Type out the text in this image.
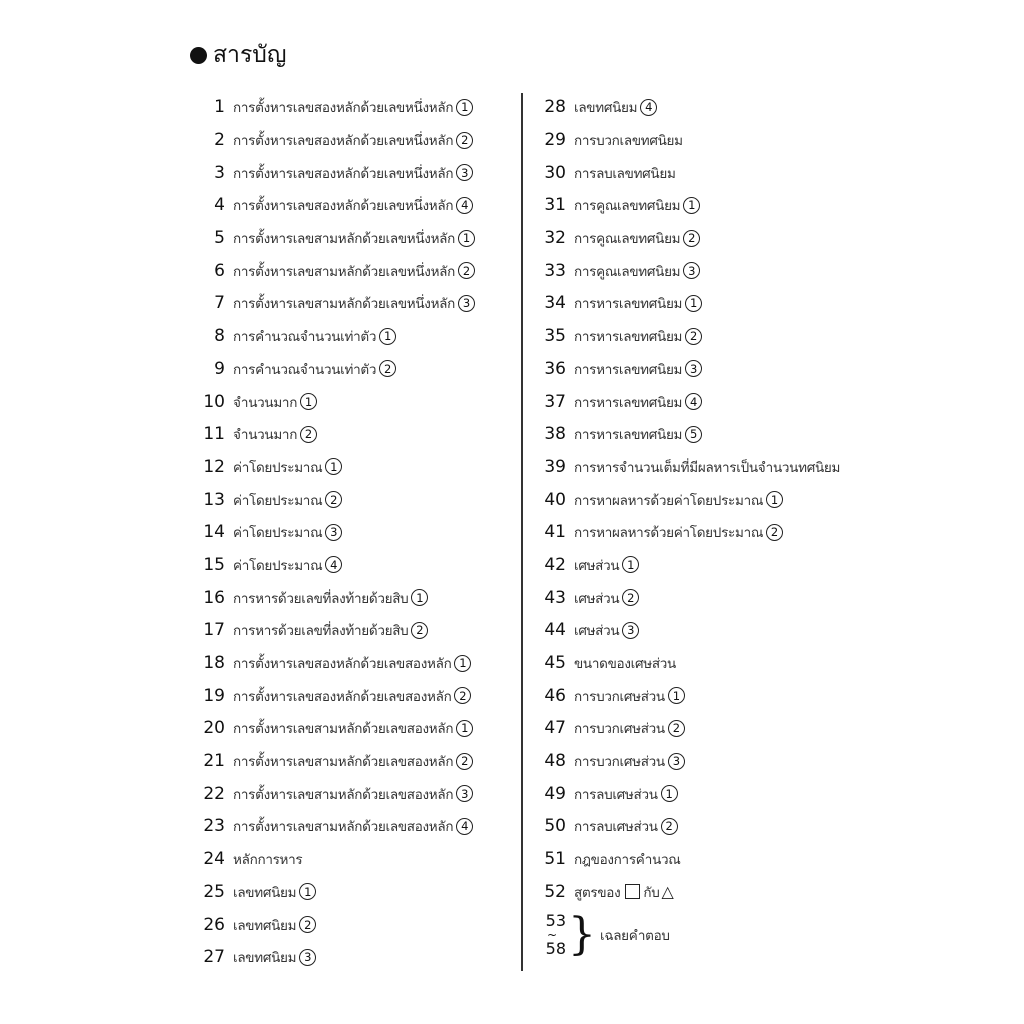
สารบัญ
1 การตั้งหารเลขสองหลักด้วยเลขหนึ่งหลัก 1
2 การตั้งหารเลขสองหลักด้วยเลขหนึ่งหลัก 2
3 การตั้งหารเลขสองหลักด้วยเลขหนึ่งหลัก 3
4 การตั้งหารเลขสองหลักด้วยเลขหนึ่งหลัก 4
5 การตั้งหารเลขสามหลักด้วยเลขหนึ่งหลัก 1
6 การตั้งหารเลขสามหลักด้วยเลขหนึ่งหลัก 2
7 การตั้งหารเลขสามหลักด้วยเลขหนึ่งหลัก 3
8 การคำนวณจำนวนเท่าตัว 1
9 การคำนวณจำนวนเท่าตัว 2
10 จำนวนมาก 1
11 จำนวนมาก 2
12 ค่าโดยประมาณ 1
13 ค่าโดยประมาณ 2
14 ค่าโดยประมาณ 3
15 ค่าโดยประมาณ 4
16 การหารด้วยเลขที่ลงท้ายด้วยสิบ 1
17 การหารด้วยเลขที่ลงท้ายด้วยสิบ 2
18 การตั้งหารเลขสองหลักด้วยเลขสองหลัก 1
19 การตั้งหารเลขสองหลักด้วยเลขสองหลัก 2
20 การตั้งหารเลขสามหลักด้วยเลขสองหลัก 1
21 การตั้งหารเลขสามหลักด้วยเลขสองหลัก 2
22 การตั้งหารเลขสามหลักด้วยเลขสองหลัก 3
23 การตั้งหารเลขสามหลักด้วยเลขสองหลัก 4
24 หลักการหาร
25 เลขทศนิยม 1
26 เลขทศนิยม 2
27 เลขทศนิยม 3
28 เลขทศนิยม 4
29 การบวกเลขทศนิยม
30 การลบเลขทศนิยม
31 การคูณเลขทศนิยม 1
32 การคูณเลขทศนิยม 2
33 การคูณเลขทศนิยม 3
34 การหารเลขทศนิยม 1
35 การหารเลขทศนิยม 2
36 การหารเลขทศนิยม 3
37 การหารเลขทศนิยม 4
38 การหารเลขทศนิยม 5
39 การหารจำนวนเต็มที่มีผลหารเป็นจำนวนทศนิยม
40 การหาผลหารด้วยค่าโดยประมาณ 1
41 การหาผลหารด้วยค่าโดยประมาณ 2
42 เศษส่วน 1
43 เศษส่วน 2
44 เศษส่วน 3
45 ขนาดของเศษส่วน
46 การบวกเศษส่วน 1
47 การบวกเศษส่วน 2
48 การบวกเศษส่วน 3
49 การลบเศษส่วน 1
50 การลบเศษส่วน 2
51 กฎของการคำนวณ
52 สูตรของ กับ △
53
~
58 } เฉลยคำตอบ
